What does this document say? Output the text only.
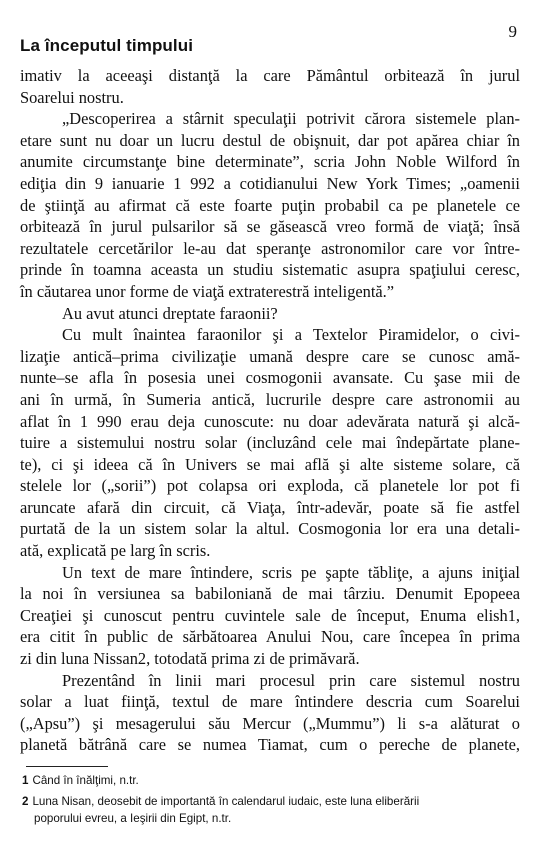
La începutul timpului
9
imativ la aceeaşi distanţă la care Pământul orbitează în jurul
Soarelui nostru.
„Descoperirea a stârnit speculaţii potrivit cărora sistemele plan-
etare sunt nu doar un lucru destul de obişnuit, dar pot apărea chiar în
anumite circumstanţe bine determinate”, scria John Noble Wilford în
ediţia din 9 ianuarie 1 992 a cotidianului New York Times; „oamenii
de ştiinţă au afirmat că este foarte puţin probabil ca pe planetele ce
orbitează în jurul pulsarilor să se găsească vreo formă de viaţă; însă
rezultatele cercetărilor le-au dat speranţe astronomilor care vor între-
prinde în toamna aceasta un studiu sistematic asupra spaţiului ceresc,
în căutarea unor forme de viaţă extraterestră inteligentă.”
Au avut atunci dreptate faraonii?
Cu mult înaintea faraonilor şi a Textelor Piramidelor, o civi-
lizaţie antică–prima civilizaţie umană despre care se cunosc amă-
nunte–se afla în posesia unei cosmogonii avansate. Cu şase mii de
ani în urmă, în Sumeria antică, lucrurile despre care astronomii au
aflat în 1 990 erau deja cunoscute: nu doar adevărata natură şi alcă-
tuire a sistemului nostru solar (incluzând cele mai îndepărtate plane-
te), ci şi ideea că în Univers se mai află şi alte sisteme solare, că
stelele lor („sorii”) pot colapsa ori exploda, că planetele lor pot fi
aruncate afară din circuit, că Viaţa, într-adevăr, poate să fie astfel
purtată de la un sistem solar la altul. Cosmogonia lor era una detali-
ată, explicată pe larg în scris.
Un text de mare întindere, scris pe şapte tăbliţe, a ajuns iniţial
la noi în versiunea sa babiloniană de mai târziu. Denumit Epopeea
Creaţiei şi cunoscut pentru cuvintele sale de început, Enuma elish1,
era citit în public de sărbătoarea Anului Nou, care începea în prima
zi din luna Nissan2, totodată prima zi de primăvară.
Prezentând în linii mari procesul prin care sistemul nostru
solar a luat fiinţă, textul de mare întindere descria cum Soarelui
(„Apsu”) şi mesagerului său Mercur („Mummu”) li s-a alăturat o
planetă bătrână care se numea Tiamat, cum o pereche de planete,
1 Când în înălţimi, n.tr.
2 Luna Nisan, deosebit de importantă în calendarul iudaic, este luna eliberării
poporului evreu, a Ieşirii din Egipt, n.tr.
